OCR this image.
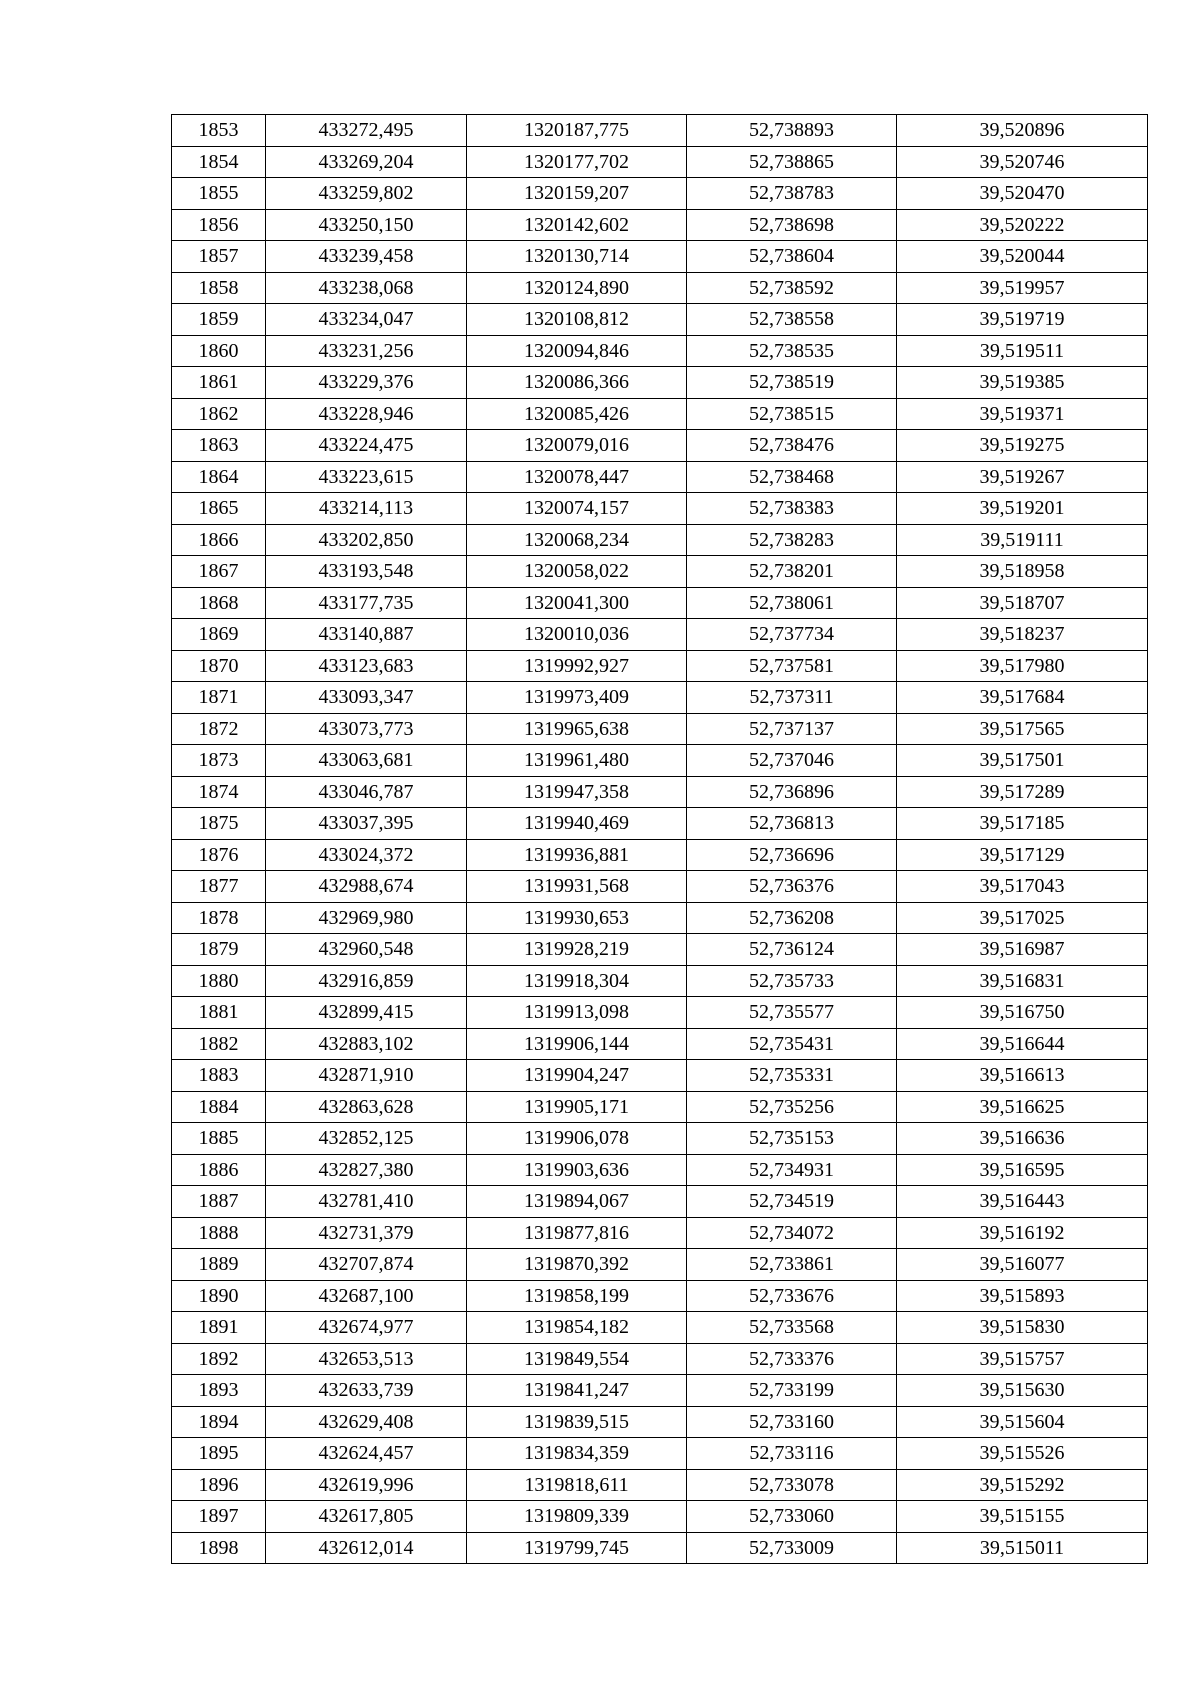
1853	433272,495	1320187,775	52,738893	39,520896
1854	433269,204	1320177,702	52,738865	39,520746
1855	433259,802	1320159,207	52,738783	39,520470
1856	433250,150	1320142,602	52,738698	39,520222
1857	433239,458	1320130,714	52,738604	39,520044
1858	433238,068	1320124,890	52,738592	39,519957
1859	433234,047	1320108,812	52,738558	39,519719
1860	433231,256	1320094,846	52,738535	39,519511
1861	433229,376	1320086,366	52,738519	39,519385
1862	433228,946	1320085,426	52,738515	39,519371
1863	433224,475	1320079,016	52,738476	39,519275
1864	433223,615	1320078,447	52,738468	39,519267
1865	433214,113	1320074,157	52,738383	39,519201
1866	433202,850	1320068,234	52,738283	39,519111
1867	433193,548	1320058,022	52,738201	39,518958
1868	433177,735	1320041,300	52,738061	39,518707
1869	433140,887	1320010,036	52,737734	39,518237
1870	433123,683	1319992,927	52,737581	39,517980
1871	433093,347	1319973,409	52,737311	39,517684
1872	433073,773	1319965,638	52,737137	39,517565
1873	433063,681	1319961,480	52,737046	39,517501
1874	433046,787	1319947,358	52,736896	39,517289
1875	433037,395	1319940,469	52,736813	39,517185
1876	433024,372	1319936,881	52,736696	39,517129
1877	432988,674	1319931,568	52,736376	39,517043
1878	432969,980	1319930,653	52,736208	39,517025
1879	432960,548	1319928,219	52,736124	39,516987
1880	432916,859	1319918,304	52,735733	39,516831
1881	432899,415	1319913,098	52,735577	39,516750
1882	432883,102	1319906,144	52,735431	39,516644
1883	432871,910	1319904,247	52,735331	39,516613
1884	432863,628	1319905,171	52,735256	39,516625
1885	432852,125	1319906,078	52,735153	39,516636
1886	432827,380	1319903,636	52,734931	39,516595
1887	432781,410	1319894,067	52,734519	39,516443
1888	432731,379	1319877,816	52,734072	39,516192
1889	432707,874	1319870,392	52,733861	39,516077
1890	432687,100	1319858,199	52,733676	39,515893
1891	432674,977	1319854,182	52,733568	39,515830
1892	432653,513	1319849,554	52,733376	39,515757
1893	432633,739	1319841,247	52,733199	39,515630
1894	432629,408	1319839,515	52,733160	39,515604
1895	432624,457	1319834,359	52,733116	39,515526
1896	432619,996	1319818,611	52,733078	39,515292
1897	432617,805	1319809,339	52,733060	39,515155
1898	432612,014	1319799,745	52,733009	39,515011
